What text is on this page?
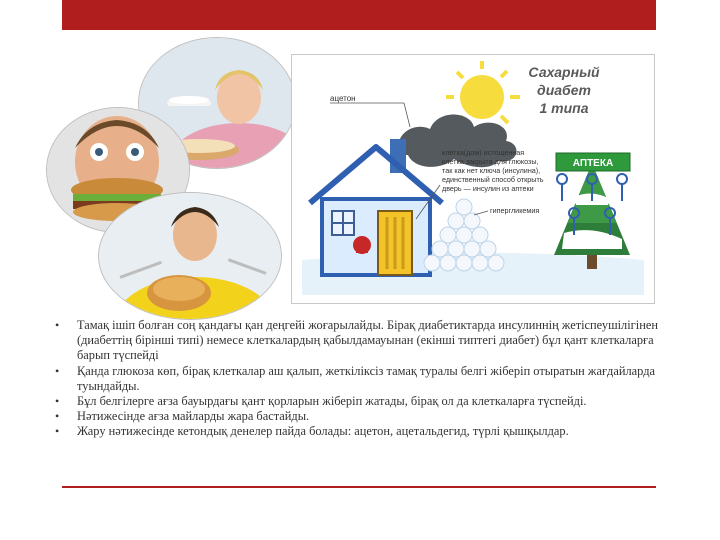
АПТЕКА
Сахарный
диабет
1 типа
ацетон
клетка(дом) истощенная
клетка закрыта для глюкозы,
так как нет ключа (инсулина),
единственный способ открыть
дверь — инсулин из аптеки
гипергликемия
• Тамақ ішіп болған соң қандағы қан деңгейі жоғарылайды. Бірақ диабетиктарда инсулиннің жетіспеушілігінен (диабеттің бірінші типі) немесе клеткалардың қабылдамауынан (екінші типтегі диабет) бұл қант клеткаларға барып түспейді
• Қанда глюкоза көп, бірақ клеткалар аш қалып, жеткіліксіз тамақ туралы белгі жіберіп отыратын жағдайларда туындайды.
• Бұл белгілерге ағза бауырдағы қант қорларын жіберіп жатады, бірақ ол да клеткаларға түспейді.
• Нәтижесінде ағза майларды жара бастайды.
• Жару нәтижесінде кетондық денелер пайда болады: ацетон, ацетальдегид, түрлі қышқылдар.
